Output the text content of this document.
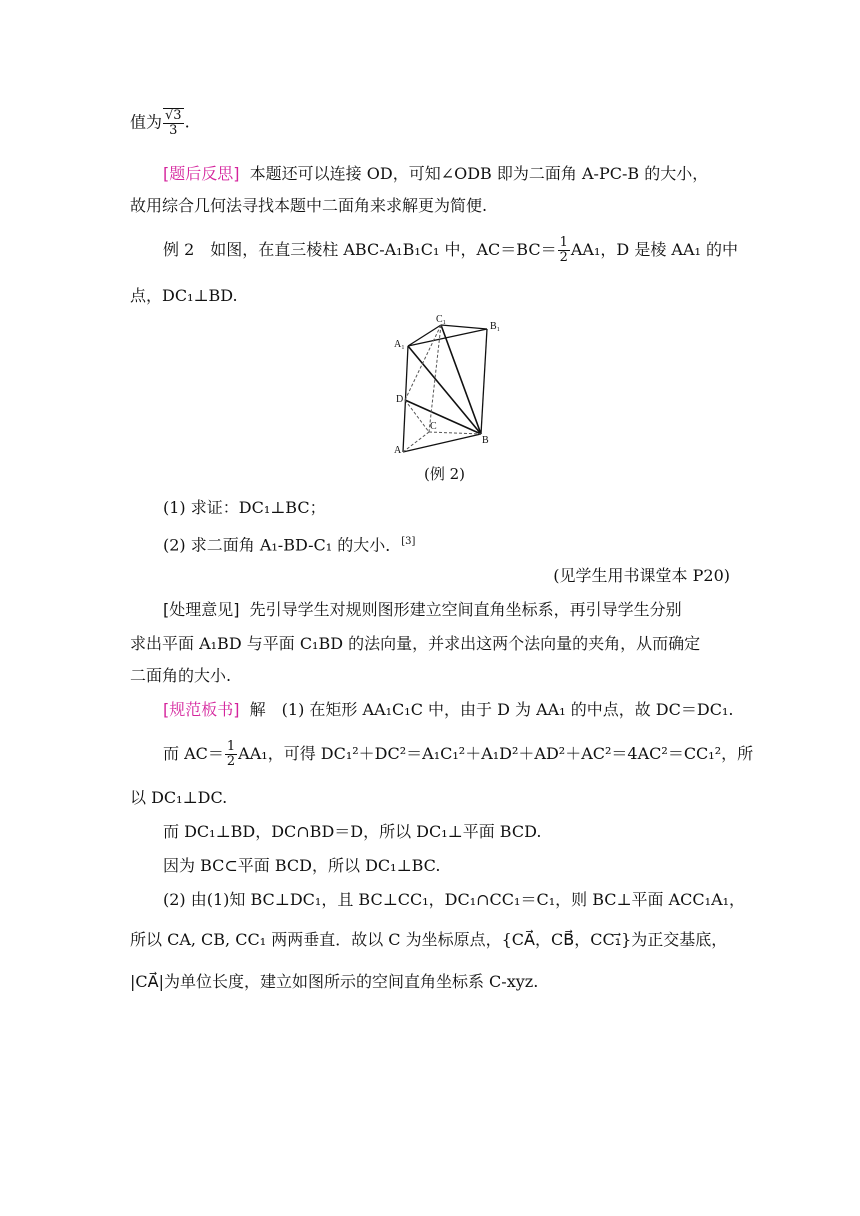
值为 $\frac{√3}{3}$ .
[题后反思] 本题还可以连接 OD，可知∠ODB 即为二面角 A-PC-B 的大小，
故用综合几何法寻找本题中二面角来求解更为简便.
例 2　如图，在直三棱柱 ABC-A₁B₁C₁ 中，$AC=BC= \frac{1}{2} AA_1$，D 是棱 AA₁ 的中
点，DC₁⊥BD.
C₁
B₁
A₁
D
C
A
B
(例 2)
(1) 求证：DC₁⊥BC；
(2) 求二面角 A₁-BD-C₁ 的大小．[3]
(见学生用书课堂本 P20)
[处理意见] 先引导学生对规则图形建立空间直角坐标系，再引导学生分别
求出平面 A₁BD 与平面 C₁BD 的法向量，并求出这两个法向量的夹角，从而确定
二面角的大小.
[规范板书] 解　(1) 在矩形 AA₁C₁C 中，由于 D 为 AA₁ 的中点，故 DC＝DC₁.
而 $AC= \frac{1}{2} AA_1$，可得 DC₁²＋DC²＝A₁C₁²＋A₁D²＋AD²＋AC²＝4AC²＝CC₁²，所
以 DC₁⊥DC.
而 DC₁⊥BD，DC∩BD＝D，所以 DC₁⊥平面 BCD.
因为 BC⊂平面 BCD，所以 DC₁⊥BC.
(2) 由(1)知 BC⊥DC₁，且 BC⊥CC₁，DC₁∩CC₁＝C₁，则 BC⊥平面 ACC₁A₁，
所以 CA, CB, CC₁ 两两垂直．故以 C 为坐标原点，{CA⃗，CB⃗，CC₁⃗}为正交基底，
|CA⃗|为单位长度，建立如图所示的空间直角坐标系 C-xyz.
